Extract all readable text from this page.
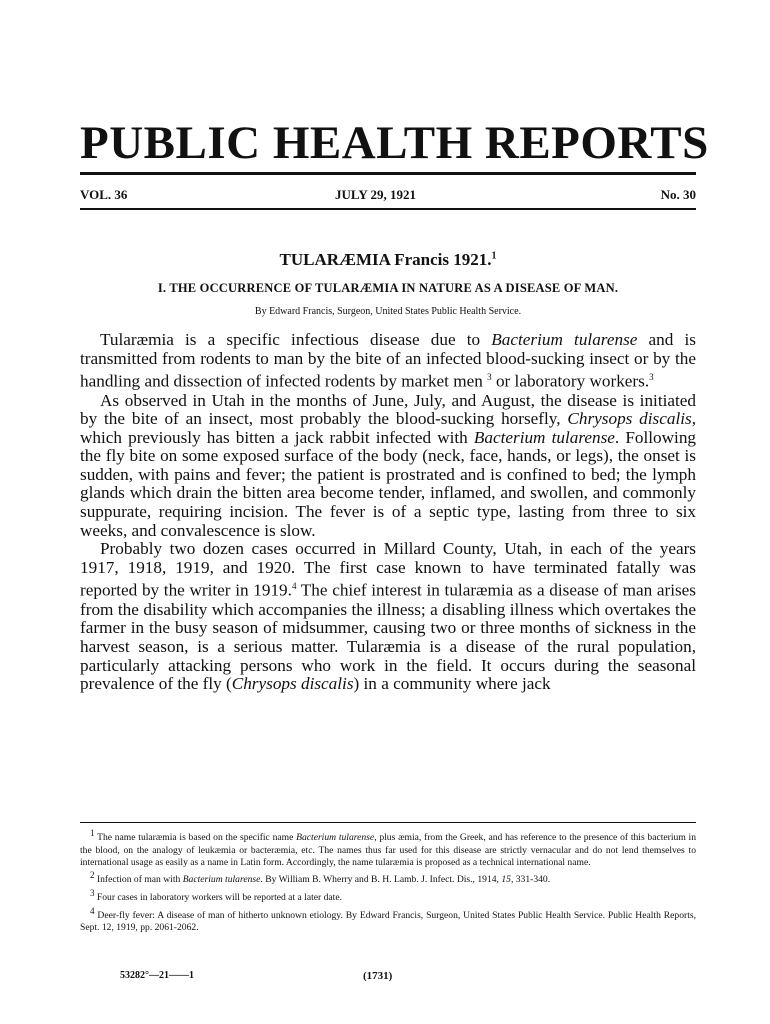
PUBLIC HEALTH REPORTS
VOL. 36	JULY 29, 1921	No. 30
TULARÆMIA Francis 1921.$^1$
I. THE OCCURRENCE OF TULARÆMIA IN NATURE AS A DISEASE OF MAN.
By Edward Francis, Surgeon, United States Public Health Service.

Tularæmia is a specific infectious disease due to Bacterium tularense and is transmitted from rodents to man by the bite of an infected blood-sucking insect or by the handling and dissection of infected rodents by market men $^3$ or laboratory workers.$^3$

As observed in Utah in the months of June, July, and August, the disease is initiated by the bite of an insect, most probably the blood-sucking horsefly, Chrysops discalis, which previously has bitten a jack rabbit infected with Bacterium tularense. Following the fly bite on some exposed surface of the body (neck, face, hands, or legs), the onset is sudden, with pains and fever; the patient is prostrated and is confined to bed; the lymph glands which drain the bitten area become tender, inflamed, and swollen, and commonly suppurate, requiring incision. The fever is of a septic type, lasting from three to six weeks, and convalescence is slow.

Probably two dozen cases occurred in Millard County, Utah, in each of the years 1917, 1918, 1919, and 1920. The first case known to have terminated fatally was reported by the writer in 1919.$^4$ The chief interest in tularæmia as a disease of man arises from the disability which accompanies the illness; a disabling illness which overtakes the farmer in the busy season of midsummer, causing two or three months of sickness in the harvest season, is a serious matter. Tularæmia is a disease of the rural population, particularly attacking persons who work in the field. It occurs during the seasonal prevalence of the fly (Chrysops discalis) in a community where jack

$^1$ The name tularæmia is based on the specific name Bacterium tularense, plus æmia, from the Greek, and has reference to the presence of this bacterium in the blood, on the analogy of leukæmia or bacteræmia, etc. The names thus far used for this disease are strictly vernacular and do not lend themselves to international usage as easily as a name in Latin form. Accordingly, the name tularæmia is proposed as a technical international name.

$^2$ Infection of man with Bacterium tularense. By William B. Wherry and B. H. Lamb. J. Infect. Dis., 1914, 15, 331-340.

$^3$ Four cases in laboratory workers will be reported at a later date.

$^4$ Deer-fly fever: A disease of man of hitherto unknown etiology. By Edward Francis, Surgeon, United States Public Health Service. Public Health Reports, Sept. 12, 1919, pp. 2061-2062.

53282°—21——1	(1731)
